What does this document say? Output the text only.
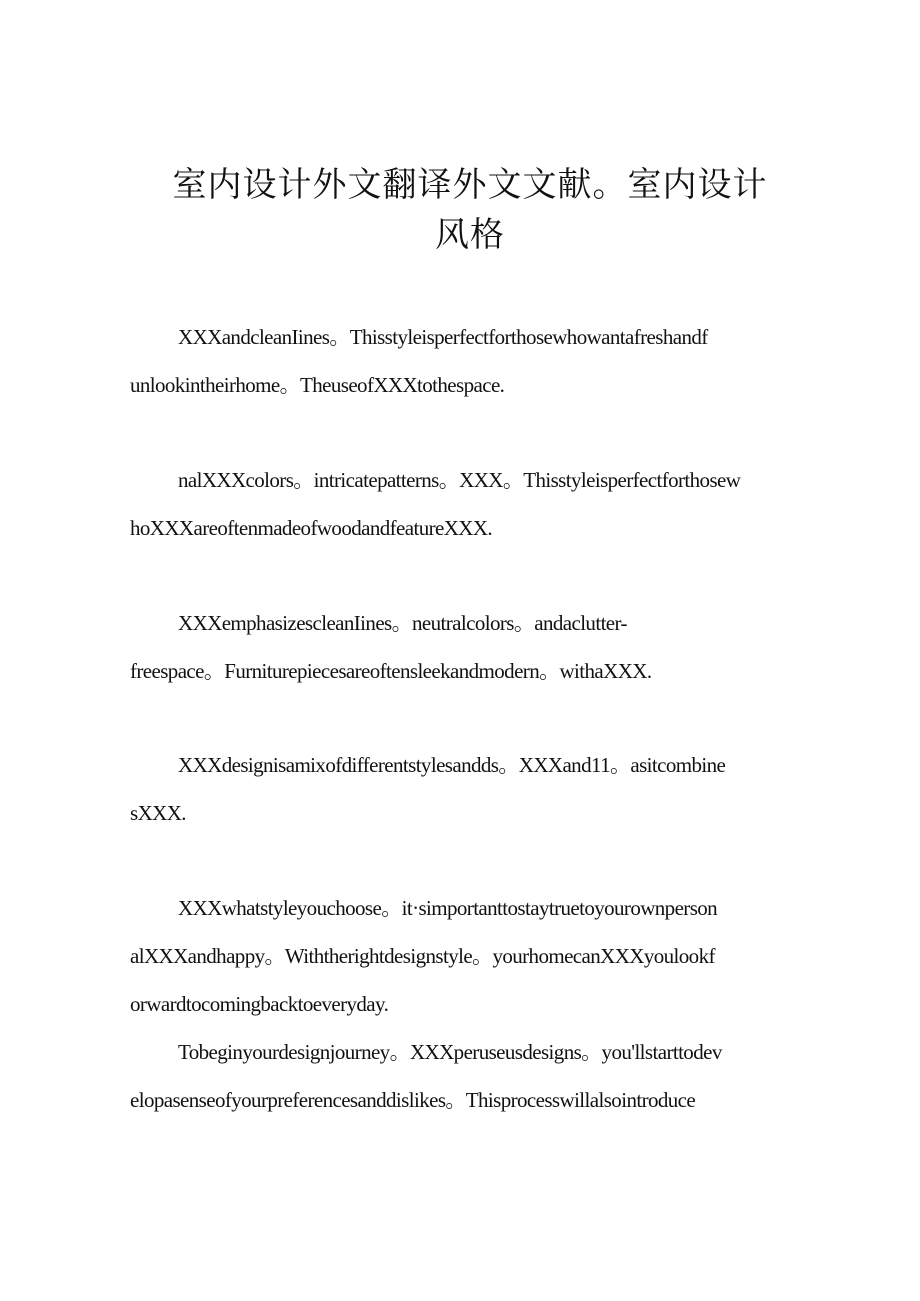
室内设计外文翻译外文文献。室内设计风格
XXXandcleanIines。Thisstyleisperfectforthosewhowantafreshandf
unlookintheirhome。TheuseofXXXtothespace.
nalXXXcolors。intricatepatterns。XXX。Thisstyleisperfectforthosew
hoXXXareoftenmadeofwoodandfeatureXXX.
XXXemphasizescleanIines。neutralcolors。andaclutter-
freespace。Furniturepiecesareoftensleekandmodern。withaXXX.
XXXdesignisamixofdifferentstylesandds。XXXand11。asitcombine
sXXX.
XXXwhatstyleyouchoose。it·simportanttostaytruetoyourownperson
alXXXandhappy。Withtherightdesignstyle。yourhomecanXXXyoulookf
orwardtocomingbacktoeveryday.
Tobeginyourdesignjourney。XXXperuseusdesigns。you'llstarttodev
elopasenseofyourpreferencesanddislikes。Thisprocesswillalsointroduce
